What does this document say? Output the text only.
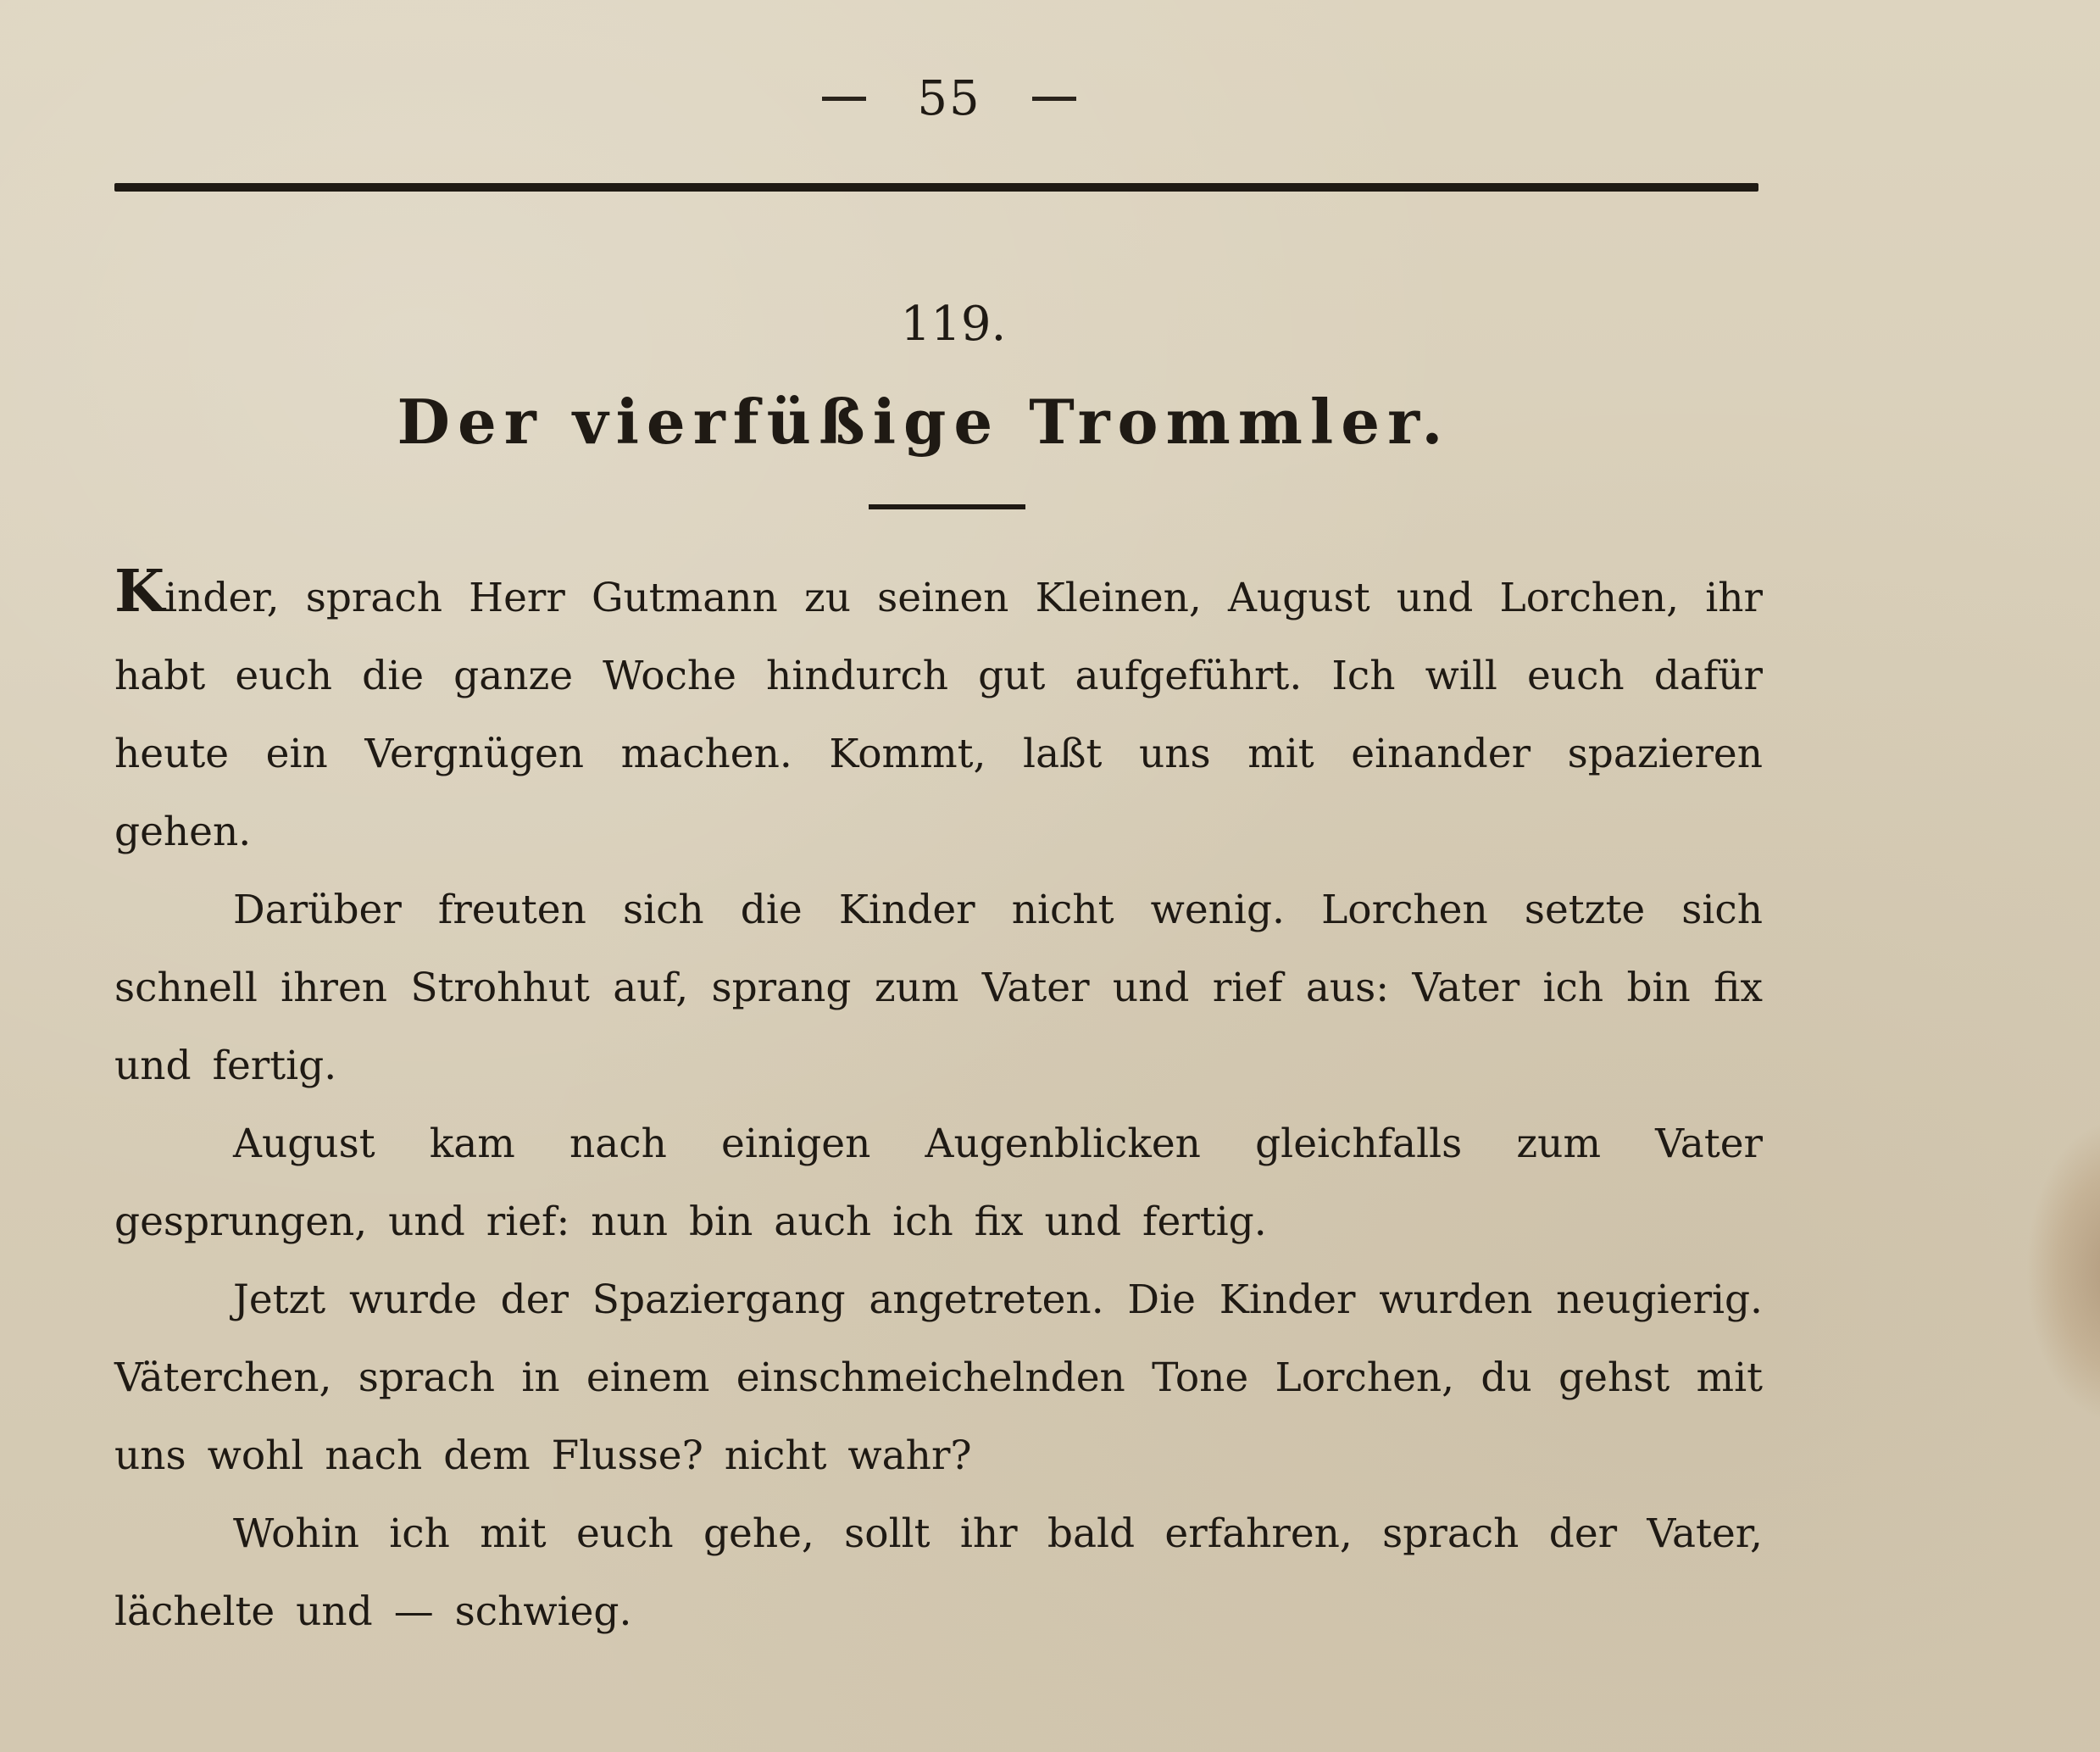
55
119.
Der vierfüßige Trommler.

Kinder, sprach Herr Gutmann zu seinen Kleinen, August und Lorchen, ihr habt euch die ganze Woche hindurch gut aufgeführt. Ich will euch dafür heute ein Vergnügen machen. Kommt, laßt uns mit einander spazieren gehen.

Darüber freuten sich die Kinder nicht wenig. Lorchen setzte sich schnell ihren Strohhut auf, sprang zum Vater und rief aus: Vater ich bin fix und fertig.

August kam nach einigen Augenblicken gleichfalls zum Vater gesprungen, und rief: nun bin auch ich fix und fertig.

Jetzt wurde der Spaziergang angetreten. Die Kinder wurden neugierig. Väterchen, sprach in einem einschmeichelnden Tone Lorchen, du gehst mit uns wohl nach dem Flusse? nicht wahr?

Wohin ich mit euch gehe, sollt ihr bald erfahren, sprach der Vater, lächelte und — schwieg.
